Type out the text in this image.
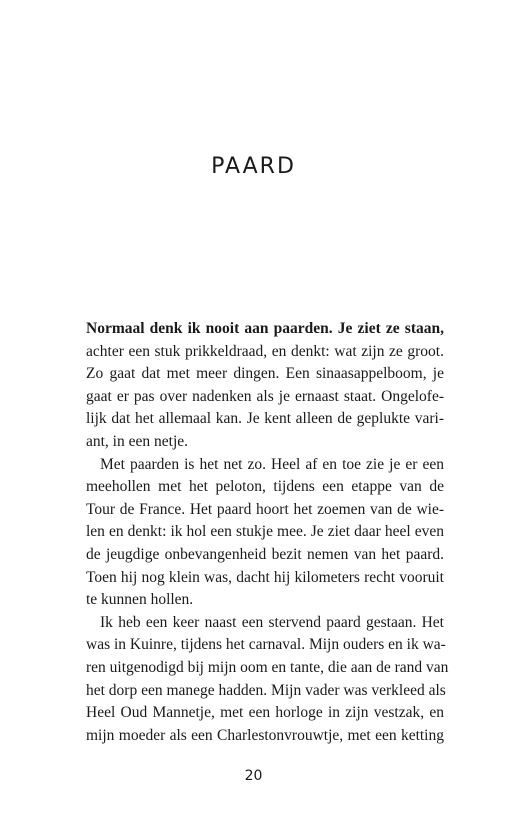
PAARD
Normaal denk ik nooit aan paarden. Je ziet ze staan,
achter een stuk prikkeldraad, en denkt: wat zijn ze groot.
Zo gaat dat met meer dingen. Een sinaasappelboom, je
gaat er pas over nadenken als je ernaast staat. Ongelofe-
lijk dat het allemaal kan. Je kent alleen de geplukte vari-
ant, in een netje.
Met paarden is het net zo. Heel af en toe zie je er een
meehollen met het peloton, tijdens een etappe van de
Tour de France. Het paard hoort het zoemen van de wie-
len en denkt: ik hol een stukje mee. Je ziet daar heel even
de jeugdige onbevangenheid bezit nemen van het paard.
Toen hij nog klein was, dacht hij kilometers recht vooruit
te kunnen hollen.
Ik heb een keer naast een stervend paard gestaan. Het
was in Kuinre, tijdens het carnaval. Mijn ouders en ik wa-
ren uitgenodigd bij mijn oom en tante, die aan de rand van
het dorp een manege hadden. Mijn vader was verkleed als
Heel Oud Mannetje, met een horloge in zijn vestzak, en
mijn moeder als een Charlestonvrouwtje, met een ketting
20
